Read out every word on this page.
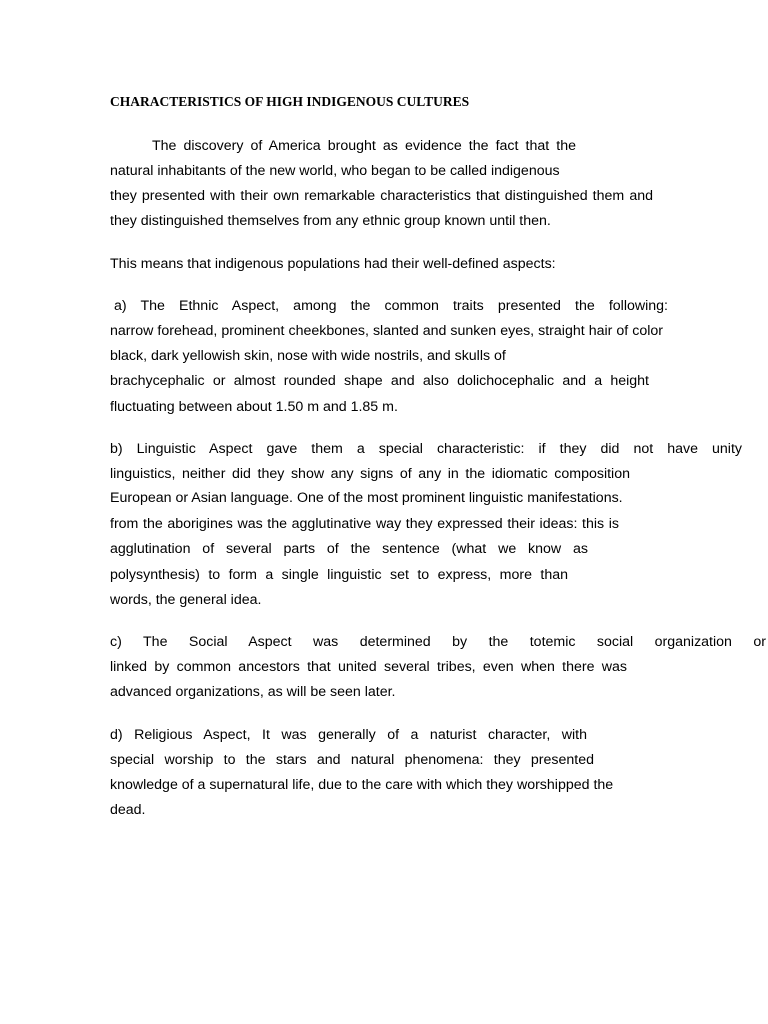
CHARACTERISTICS OF HIGH INDIGENOUS CULTURES
The discovery of America brought as evidence the fact that the
natural inhabitants of the new world, who began to be called indigenous
they presented with their own remarkable characteristics that distinguished them and
they distinguished themselves from any ethnic group known until then.
This means that indigenous populations had their well-defined aspects:
a) The Ethnic Aspect, among the common traits presented the following:
narrow forehead, prominent cheekbones, slanted and sunken eyes, straight hair of color
black, dark yellowish skin, nose with wide nostrils, and skulls of
brachycephalic or almost rounded shape and also dolichocephalic and a height
fluctuating between about 1.50 m and 1.85 m.
b) Linguistic Aspect gave them a special characteristic: if they did not have unity
linguistics, neither did they show any signs of any in the idiomatic composition
European or Asian language. One of the most prominent linguistic manifestations.
from the aborigines was the agglutinative way they expressed their ideas: this is
agglutination of several parts of the sentence (what we know as
polysynthesis) to form a single linguistic set to express, more than
words, the general idea.
c) The Social Aspect was determined by the totemic social organization or
linked by common ancestors that united several tribes, even when there was
advanced organizations, as will be seen later.
d) Religious Aspect, It was generally of a naturist character, with
special worship to the stars and natural phenomena: they presented
knowledge of a supernatural life, due to the care with which they worshipped the
dead.
